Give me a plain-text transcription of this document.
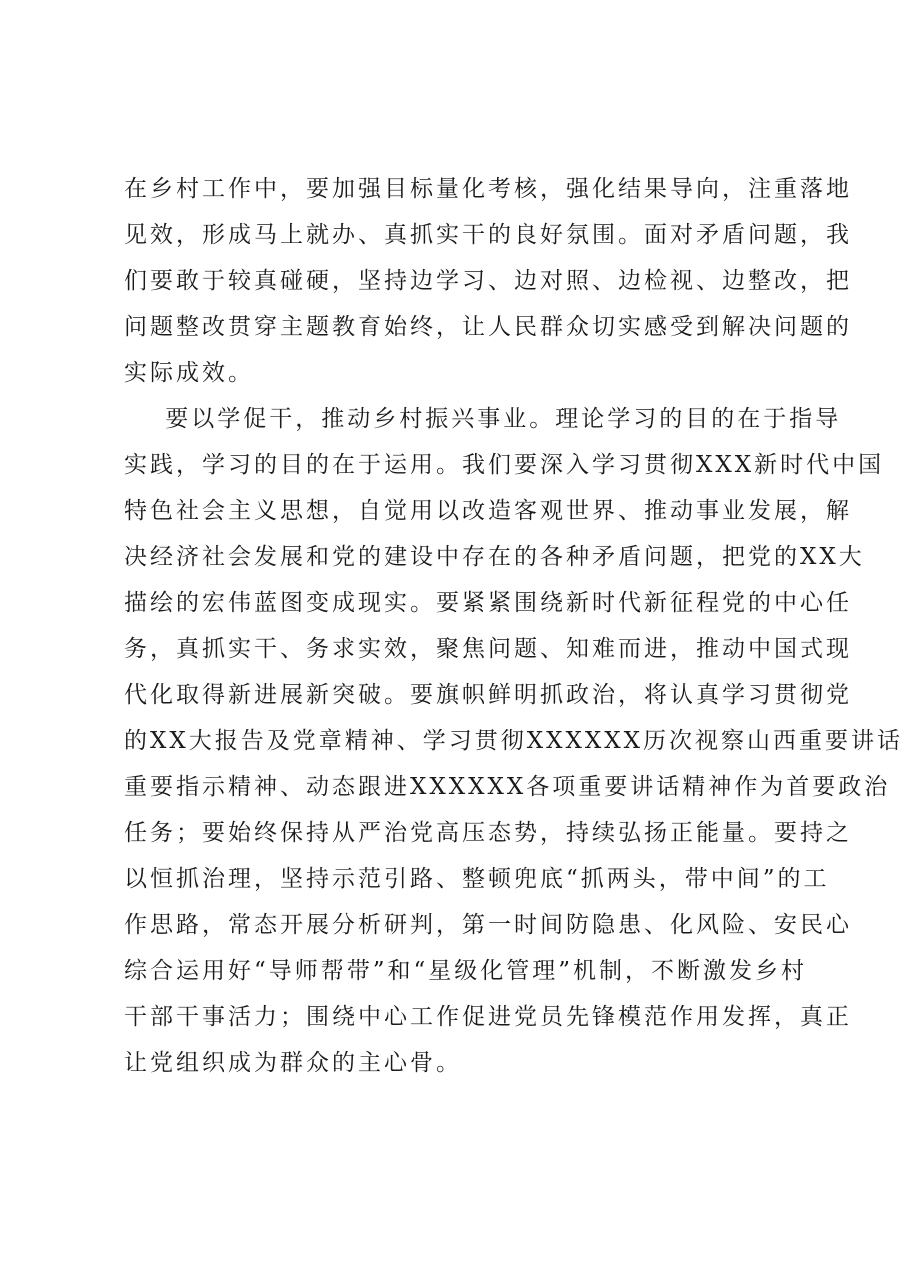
在乡村工作中，要加强目标量化考核，强化结果导向，注重落地
见效，形成马上就办、真抓实干的良好氛围。面对矛盾问题，我
们要敢于较真碰硬，坚持边学习、边对照、边检视、边整改，把
问题整改贯穿主题教育始终，让人民群众切实感受到解决问题的
实际成效。
要以学促干，推动乡村振兴事业。理论学习的目的在于指导
实践，学习的目的在于运用。我们要深入学习贯彻XXX新时代中国
特色社会主义思想，自觉用以改造客观世界、推动事业发展，解
决经济社会发展和党的建设中存在的各种矛盾问题，把党的XX大
描绘的宏伟蓝图变成现实。要紧紧围绕新时代新征程党的中心任
务，真抓实干、务求实效，聚焦问题、知难而进，推动中国式现
代化取得新进展新突破。要旗帜鲜明抓政治，将认真学习贯彻党
的XX大报告及党章精神、学习贯彻XXXXXX历次视察山西重要讲话
重要指示精神、动态跟进XXXXXX各项重要讲话精神作为首要政治
任务；要始终保持从严治党高压态势，持续弘扬正能量。要持之
以恒抓治理，坚持示范引路、整顿兜底“抓两头，带中间”的工
作思路，常态开展分析研判，第一时间防隐患、化风险、安民心
综合运用好“导师帮带”和“星级化管理”机制，不断激发乡村
干部干事活力；围绕中心工作促进党员先锋模范作用发挥，真正
让党组织成为群众的主心骨。
